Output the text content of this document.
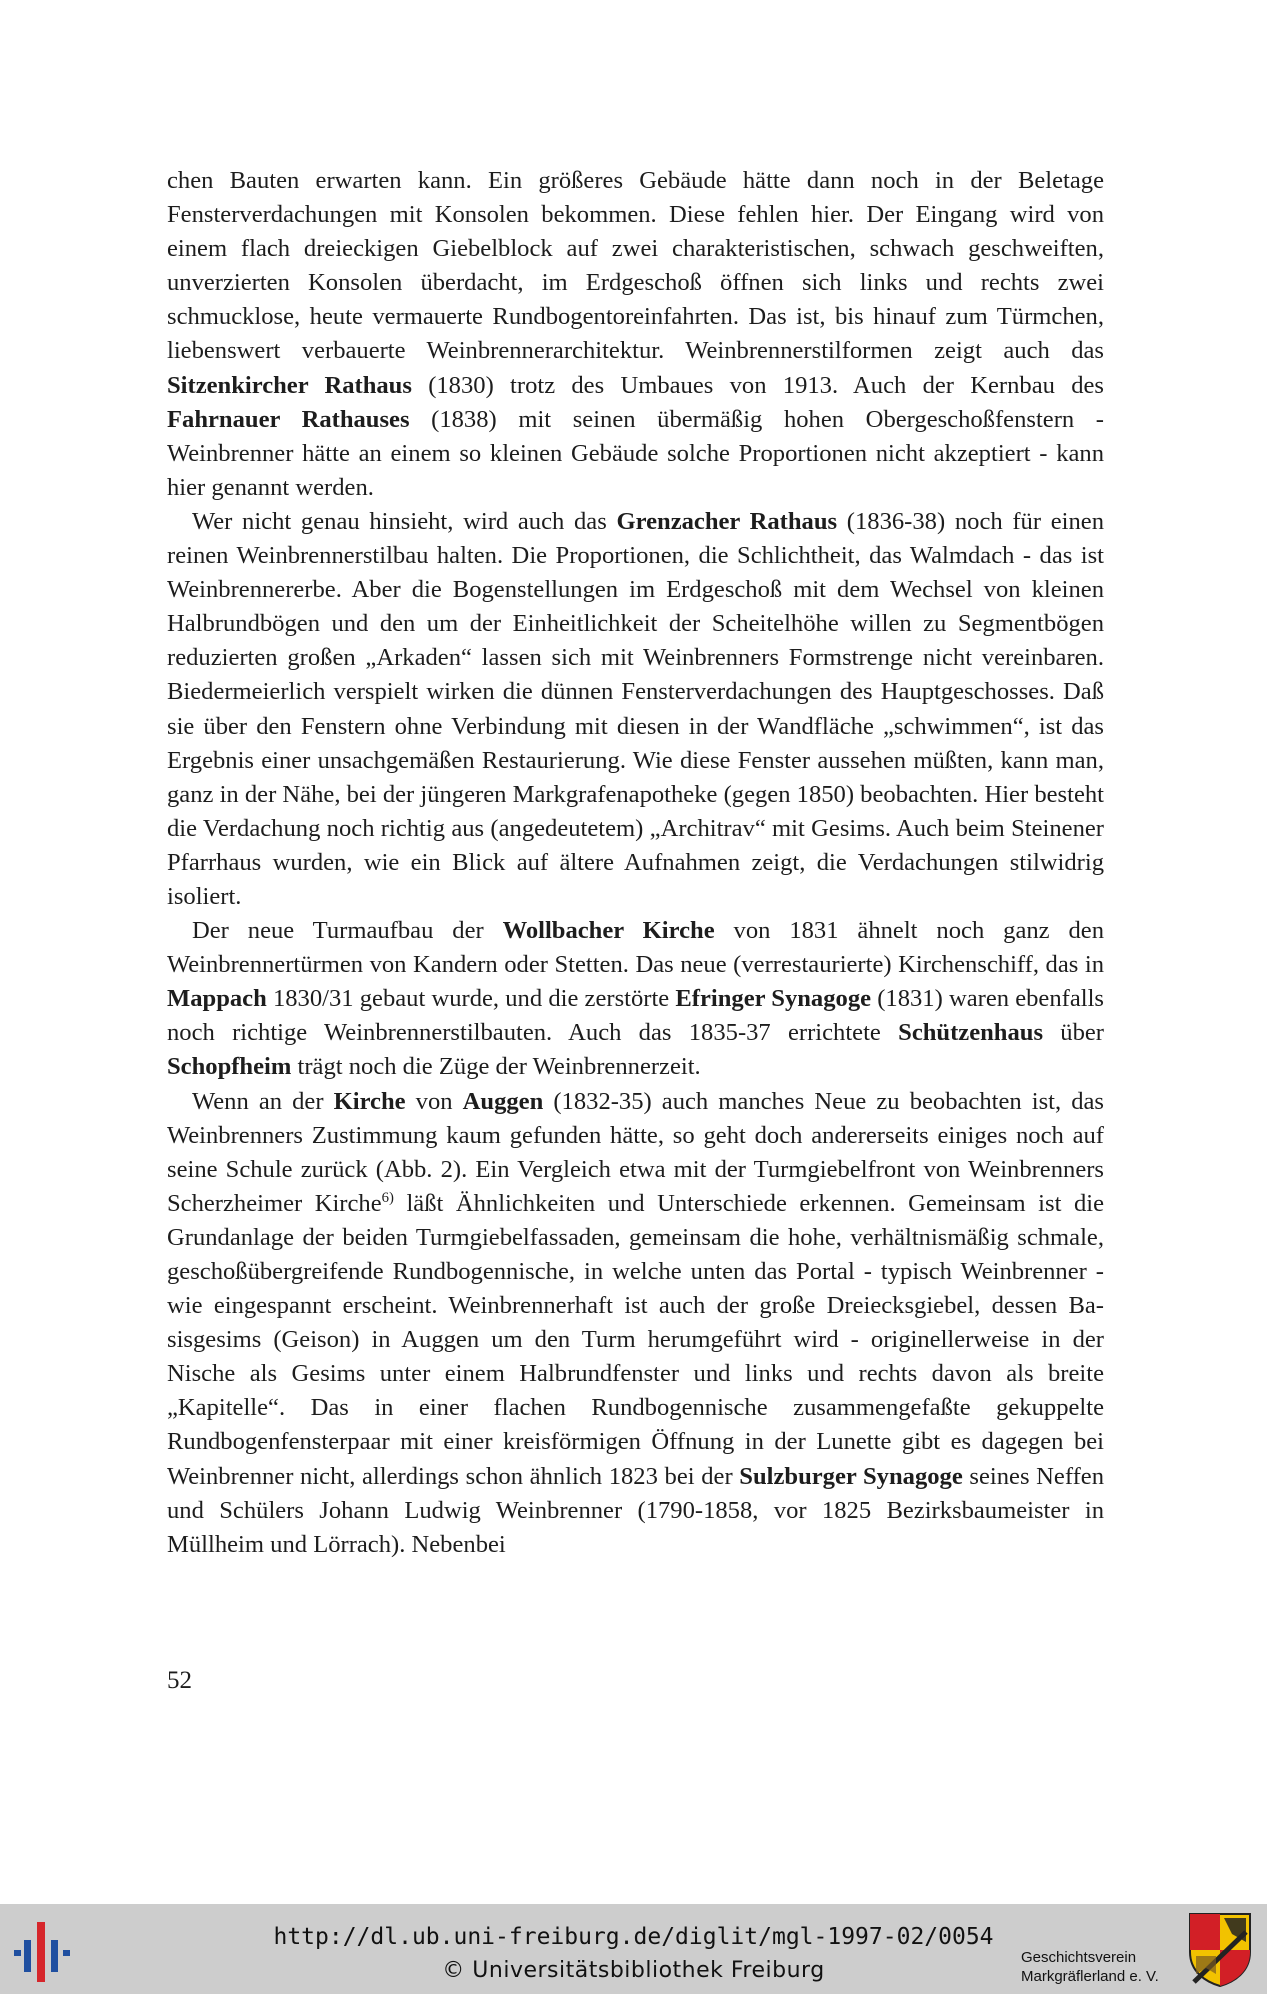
chen Bauten erwarten kann. Ein größeres Gebäude hätte dann noch in der Beletage Fensterverdachungen mit Konsolen bekommen. Diese fehlen hier. Der Eingang wird von einem flach dreieckigen Giebelblock auf zwei charakteristischen, schwach geschweiften, unverzierten Konsolen überdacht, im Erdgeschoß öffnen sich links und rechts zwei schmucklose, heute vermauerte Rundbogentoreinfahrten. Das ist, bis hinauf zum Türmchen, liebenswert verbauerte Weinbrennerarchitektur. Weinbrennerstilformen zeigt auch das Sitzenkircher Rathaus (1830) trotz des Umbaues von 1913. Auch der Kernbau des Fahrnauer Rathauses (1838) mit seinen übermäßig hohen Obergeschoßfenstern - Weinbrenner hätte an einem so kleinen Gebäude solche Proportionen nicht akzeptiert - kann hier genannt werden.

Wer nicht genau hinsieht, wird auch das Grenzacher Rathaus (1836-38) noch für einen reinen Weinbrennerstilbau halten. Die Proportionen, die Schlichtheit, das Walmdach - das ist Weinbrennererbe. Aber die Bogenstellungen im Erdgeschoß mit dem Wechsel von kleinen Halbrundbögen und den um der Einheitlichkeit der Scheitelhöhe willen zu Segmentbögen reduzierten großen „Arkaden“ lassen sich mit Weinbrenners Formstrenge nicht vereinbaren. Biedermeierlich verspielt wirken die dünnen Fensterverdachungen des Hauptgeschosses. Daß sie über den Fenstern ohne Verbindung mit diesen in der Wandfläche „schwimmen“, ist das Ergebnis einer unsachgemäßen Restaurierung. Wie diese Fenster aussehen müßten, kann man, ganz in der Nähe, bei der jüngeren Markgrafenapotheke (gegen 1850) beobachten. Hier besteht die Verdachung noch richtig aus (angedeutetem) „Architrav“ mit Gesims. Auch beim Steinener Pfarrhaus wurden, wie ein Blick auf ältere Aufnahmen zeigt, die Verdachungen stilwidrig isoliert.

Der neue Turmaufbau der Wollbacher Kirche von 1831 ähnelt noch ganz den Weinbrennertürmen von Kandern oder Stetten. Das neue (verrestaurierte) Kirchenschiff, das in Mappach 1830/31 gebaut wurde, und die zerstörte Efringer Synagoge (1831) waren ebenfalls noch richtige Weinbrennerstilbauten. Auch das 1835-37 errichtete Schützenhaus über Schopfheim trägt noch die Züge der Weinbrennerzeit.

Wenn an der Kirche von Auggen (1832-35) auch manches Neue zu beobachten ist, das Weinbrenners Zustimmung kaum gefunden hätte, so geht doch andererseits einiges noch auf seine Schule zurück (Abb. 2). Ein Vergleich etwa mit der Turmgiebelfront von Weinbrenners Scherzheimer Kirche$^{6)}$ läßt Ähnlichkeiten und Unterschiede erkennen. Gemeinsam ist die Grundanlage der beiden Turmgiebelfassaden, gemeinsam die hohe, verhältnismäßig schmale, geschoßübergreifende Rundbogennische, in welche unten das Portal - typisch Weinbrenner - wie eingespannt erscheint. Weinbrennerhaft ist auch der große Dreiecksgiebel, dessen Basisgesims (Geison) in Auggen um den Turm herumgeführt wird - originellerweise in der Nische als Gesims unter einem Halbrundfenster und links und rechts davon als breite „Kapitelle“. Das in einer flachen Rundbogennische zusammengefaßte gekuppelte Rundbogenfensterpaar mit einer kreisförmigen Öffnung in der Lunette gibt es dagegen bei Weinbrenner nicht, allerdings schon ähnlich 1823 bei der Sulzburger Synagoge seines Neffen und Schülers Johann Ludwig Weinbrenner (1790-1858, vor 1825 Bezirksbaumeister in Müllheim und Lörrach). Nebenbei

52
http://dl.ub.uni-freiburg.de/diglit/mgl-1997-02/0054
© Universitätsbibliothek Freiburg
Geschichtsverein
Markgräflerland e. V.
